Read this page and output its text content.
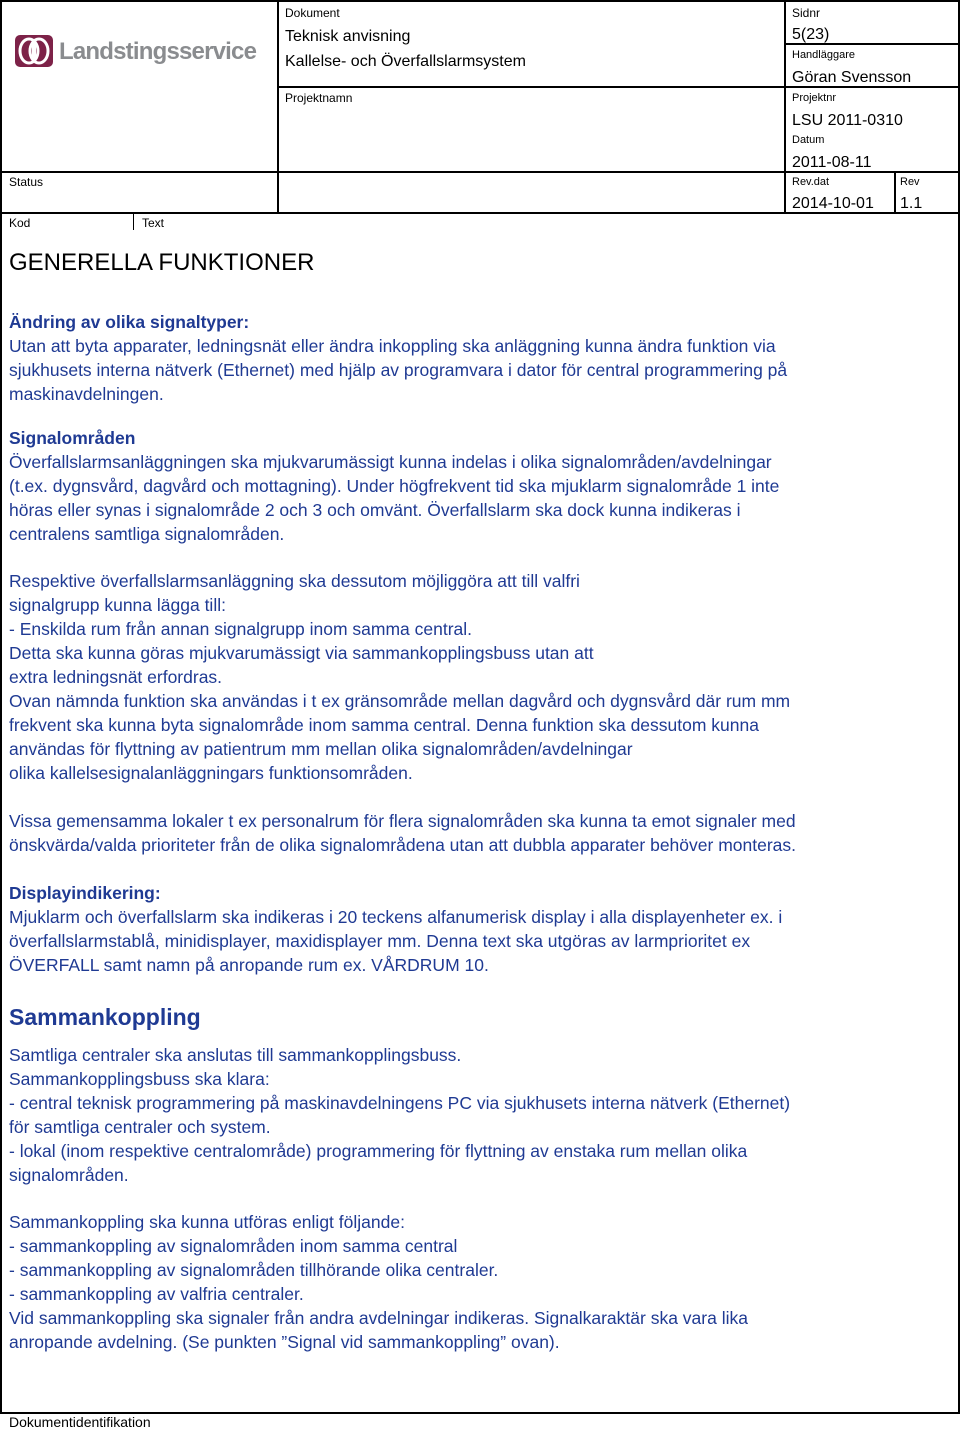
Landstingsservice
Dokument
Teknisk anvisning
Kallelse- och Överfallslarmsystem
Projektnamn
Sidnr
5(23)
Handläggare
Göran Svensson
Projektnr
LSU 2011-0310
Datum
2011-08-11
Status	Rev.dat
2014-10-01
Rev
1.1
Kod	Text
GENERELLA FUNKTIONER

Ändring av olika signaltyper:

Utan att byta apparater, ledningsnät eller ändra inkoppling ska anläggning kunna ändra funktion via

sjukhusets interna nätverk (Ethernet) med hjälp av programvara i dator för central programmering på

maskinavdelningen.

Signalområden

Överfallslarmsanläggningen ska mjukvarumässigt kunna indelas i olika signalområden/avdelningar

(t.ex. dygnsvård, dagvård och mottagning). Under högfrekvent tid ska mjuklarm signalområde 1 inte

höras eller synas i signalområde 2 och 3 och omvänt. Överfallslarm ska dock kunna indikeras i

centralens samtliga signalområden.

Respektive överfallslarmsanläggning ska dessutom möjliggöra att till valfri

signalgrupp kunna lägga till:

- Enskilda rum från annan signalgrupp inom samma central.

Detta ska kunna göras mjukvarumässigt via sammankopplingsbuss utan att

extra ledningsnät erfordras.

Ovan nämnda funktion ska användas i t ex gränsområde mellan dagvård och dygnsvård där rum mm

frekvent ska kunna byta signalområde inom samma central. Denna funktion ska dessutom kunna

användas för flyttning av patientrum mm mellan olika signalområden/avdelningar

olika kallelsesignalanläggningars funktionsområden.

Vissa gemensamma lokaler t ex personalrum för flera signalområden ska kunna ta emot signaler med

önskvärda/valda prioriteter från de olika signalområdena utan att dubbla apparater behöver monteras.

Displayindikering:

Mjuklarm och överfallslarm ska indikeras i 20 teckens alfanumerisk display i alla displayenheter ex. i

överfallslarmstablå, minidisplayer, maxidisplayer mm. Denna text ska utgöras av larmprioritet ex

ÖVERFALL samt namn på anropande rum ex. VÅRDRUM 10.

Sammankoppling

Samtliga centraler ska anslutas till sammankopplingsbuss.

Sammankopplingsbuss ska klara:

- central teknisk programmering på maskinavdelningens PC via sjukhusets interna nätverk (Ethernet)

för samtliga centraler och system.

- lokal (inom respektive centralområde) programmering för flyttning av enstaka rum mellan olika

signalområden.

Sammankoppling ska kunna utföras enligt följande:

- sammankoppling av signalområden inom samma central

- sammankoppling av signalområden tillhörande olika centraler.

- sammankoppling av valfria centraler.

Vid sammankoppling ska signaler från andra avdelningar indikeras. Signalkaraktär ska vara lika

anropande avdelning. (Se punkten ”Signal vid sammankoppling” ovan).

Dokumentidentifikation
